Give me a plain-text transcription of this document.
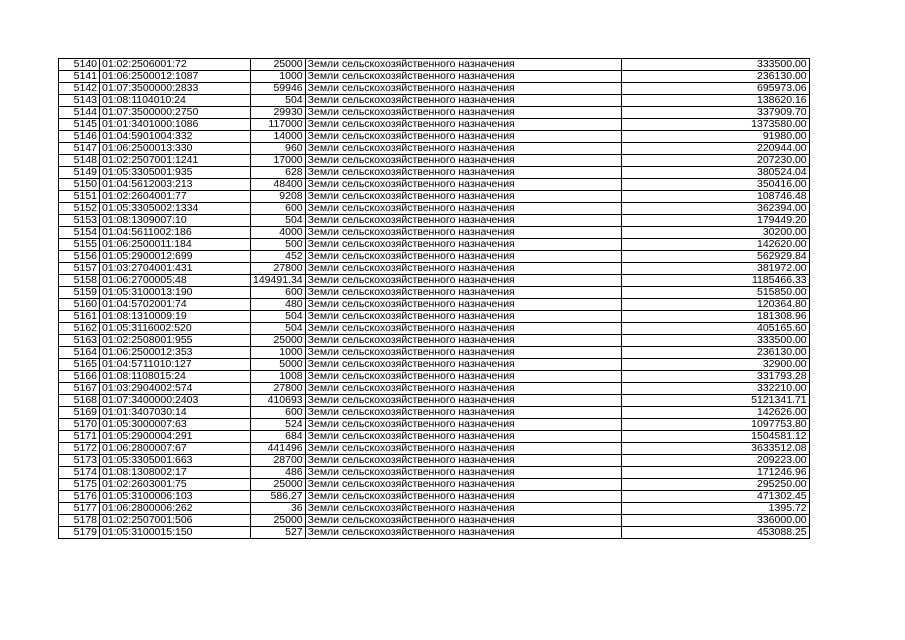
5140	01:02:2506001:72	25000	Земли сельскохозяйственного назначения	333500.00
5141	01:06:2500012:1087	1000	Земли сельскохозяйственного назначения	236130.00
5142	01:07:3500000:2833	59946	Земли сельскохозяйственного назначения	695973.06
5143	01:08:1104010:24	504	Земли сельскохозяйственного назначения	138620.16
5144	01:07:3500000:2750	29930	Земли сельскохозяйственного назначения	337909.70
5145	01:01:3401000:1086	117000	Земли сельскохозяйственного назначения	1373580.00
5146	01:04:5901004:332	14000	Земли сельскохозяйственного назначения	91980.00
5147	01:06:2500013:330	960	Земли сельскохозяйственного назначения	220944.00
5148	01:02:2507001:1241	17000	Земли сельскохозяйственного назначения	207230.00
5149	01:05:3305001:935	628	Земли сельскохозяйственного назначения	380524.04
5150	01:04:5612003:213	48400	Земли сельскохозяйственного назначения	350416.00
5151	01:02:2604001:77	9208	Земли сельскохозяйственного назначения	108746.48
5152	01:05:3305002:1334	600	Земли сельскохозяйственного назначения	362394.00
5153	01:08:1309007:10	504	Земли сельскохозяйственного назначения	179449.20
5154	01:04:5611002:186	4000	Земли сельскохозяйственного назначения	30200.00
5155	01:06:2500011:184	500	Земли сельскохозяйственного назначения	142620.00
5156	01:05:2900012:699	452	Земли сельскохозяйственного назначения	562929.84
5157	01:03:2704001:431	27800	Земли сельскохозяйственного назначения	381972.00
5158	01:06:2700005:48	149491.34	Земли сельскохозяйственного назначения	1185466.33
5159	01:05:3100013:190	600	Земли сельскохозяйственного назначения	515850.00
5160	01:04:5702001:74	480	Земли сельскохозяйственного назначения	120364.80
5161	01:08:1310009:19	504	Земли сельскохозяйственного назначения	181308.96
5162	01:05:3116002:520	504	Земли сельскохозяйственного назначения	405165.60
5163	01:02:2508001:955	25000	Земли сельскохозяйственного назначения	333500.00
5164	01:06:2500012:353	1000	Земли сельскохозяйственного назначения	236130.00
5165	01:04:5711010:127	5000	Земли сельскохозяйственного назначения	32900.00
5166	01:08:1108015:24	1008	Земли сельскохозяйственного назначения	331793.28
5167	01:03:2904002:574	27800	Земли сельскохозяйственного назначения	332210.00
5168	01:07:3400000:2403	410693	Земли сельскохозяйственного назначения	5121341.71
5169	01:01:3407030:14	600	Земли сельскохозяйственного назначения	142626.00
5170	01:05:3000007:63	524	Земли сельскохозяйственного назначения	1097753.80
5171	01:05:2900004:291	684	Земли сельскохозяйственного назначения	1504581.12
5172	01:06:2800007:67	441496	Земли сельскохозяйственного назначения	3633512.08
5173	01:05:3305001:663	28700	Земли сельскохозяйственного назначения	209223.00
5174	01:08:1308002:17	486	Земли сельскохозяйственного назначения	171246.96
5175	01:02:2603001:75	25000	Земли сельскохозяйственного назначения	295250.00
5176	01:05:3100006:103	586.27	Земли сельскохозяйственного назначения	471302.45
5177	01:06:2800006:262	36	Земли сельскохозяйственного назначения	1395.72
5178	01:02:2507001:506	25000	Земли сельскохозяйственного назначения	336000.00
5179	01:05:3100015:150	527	Земли сельскохозяйственного назначения	453088.25
